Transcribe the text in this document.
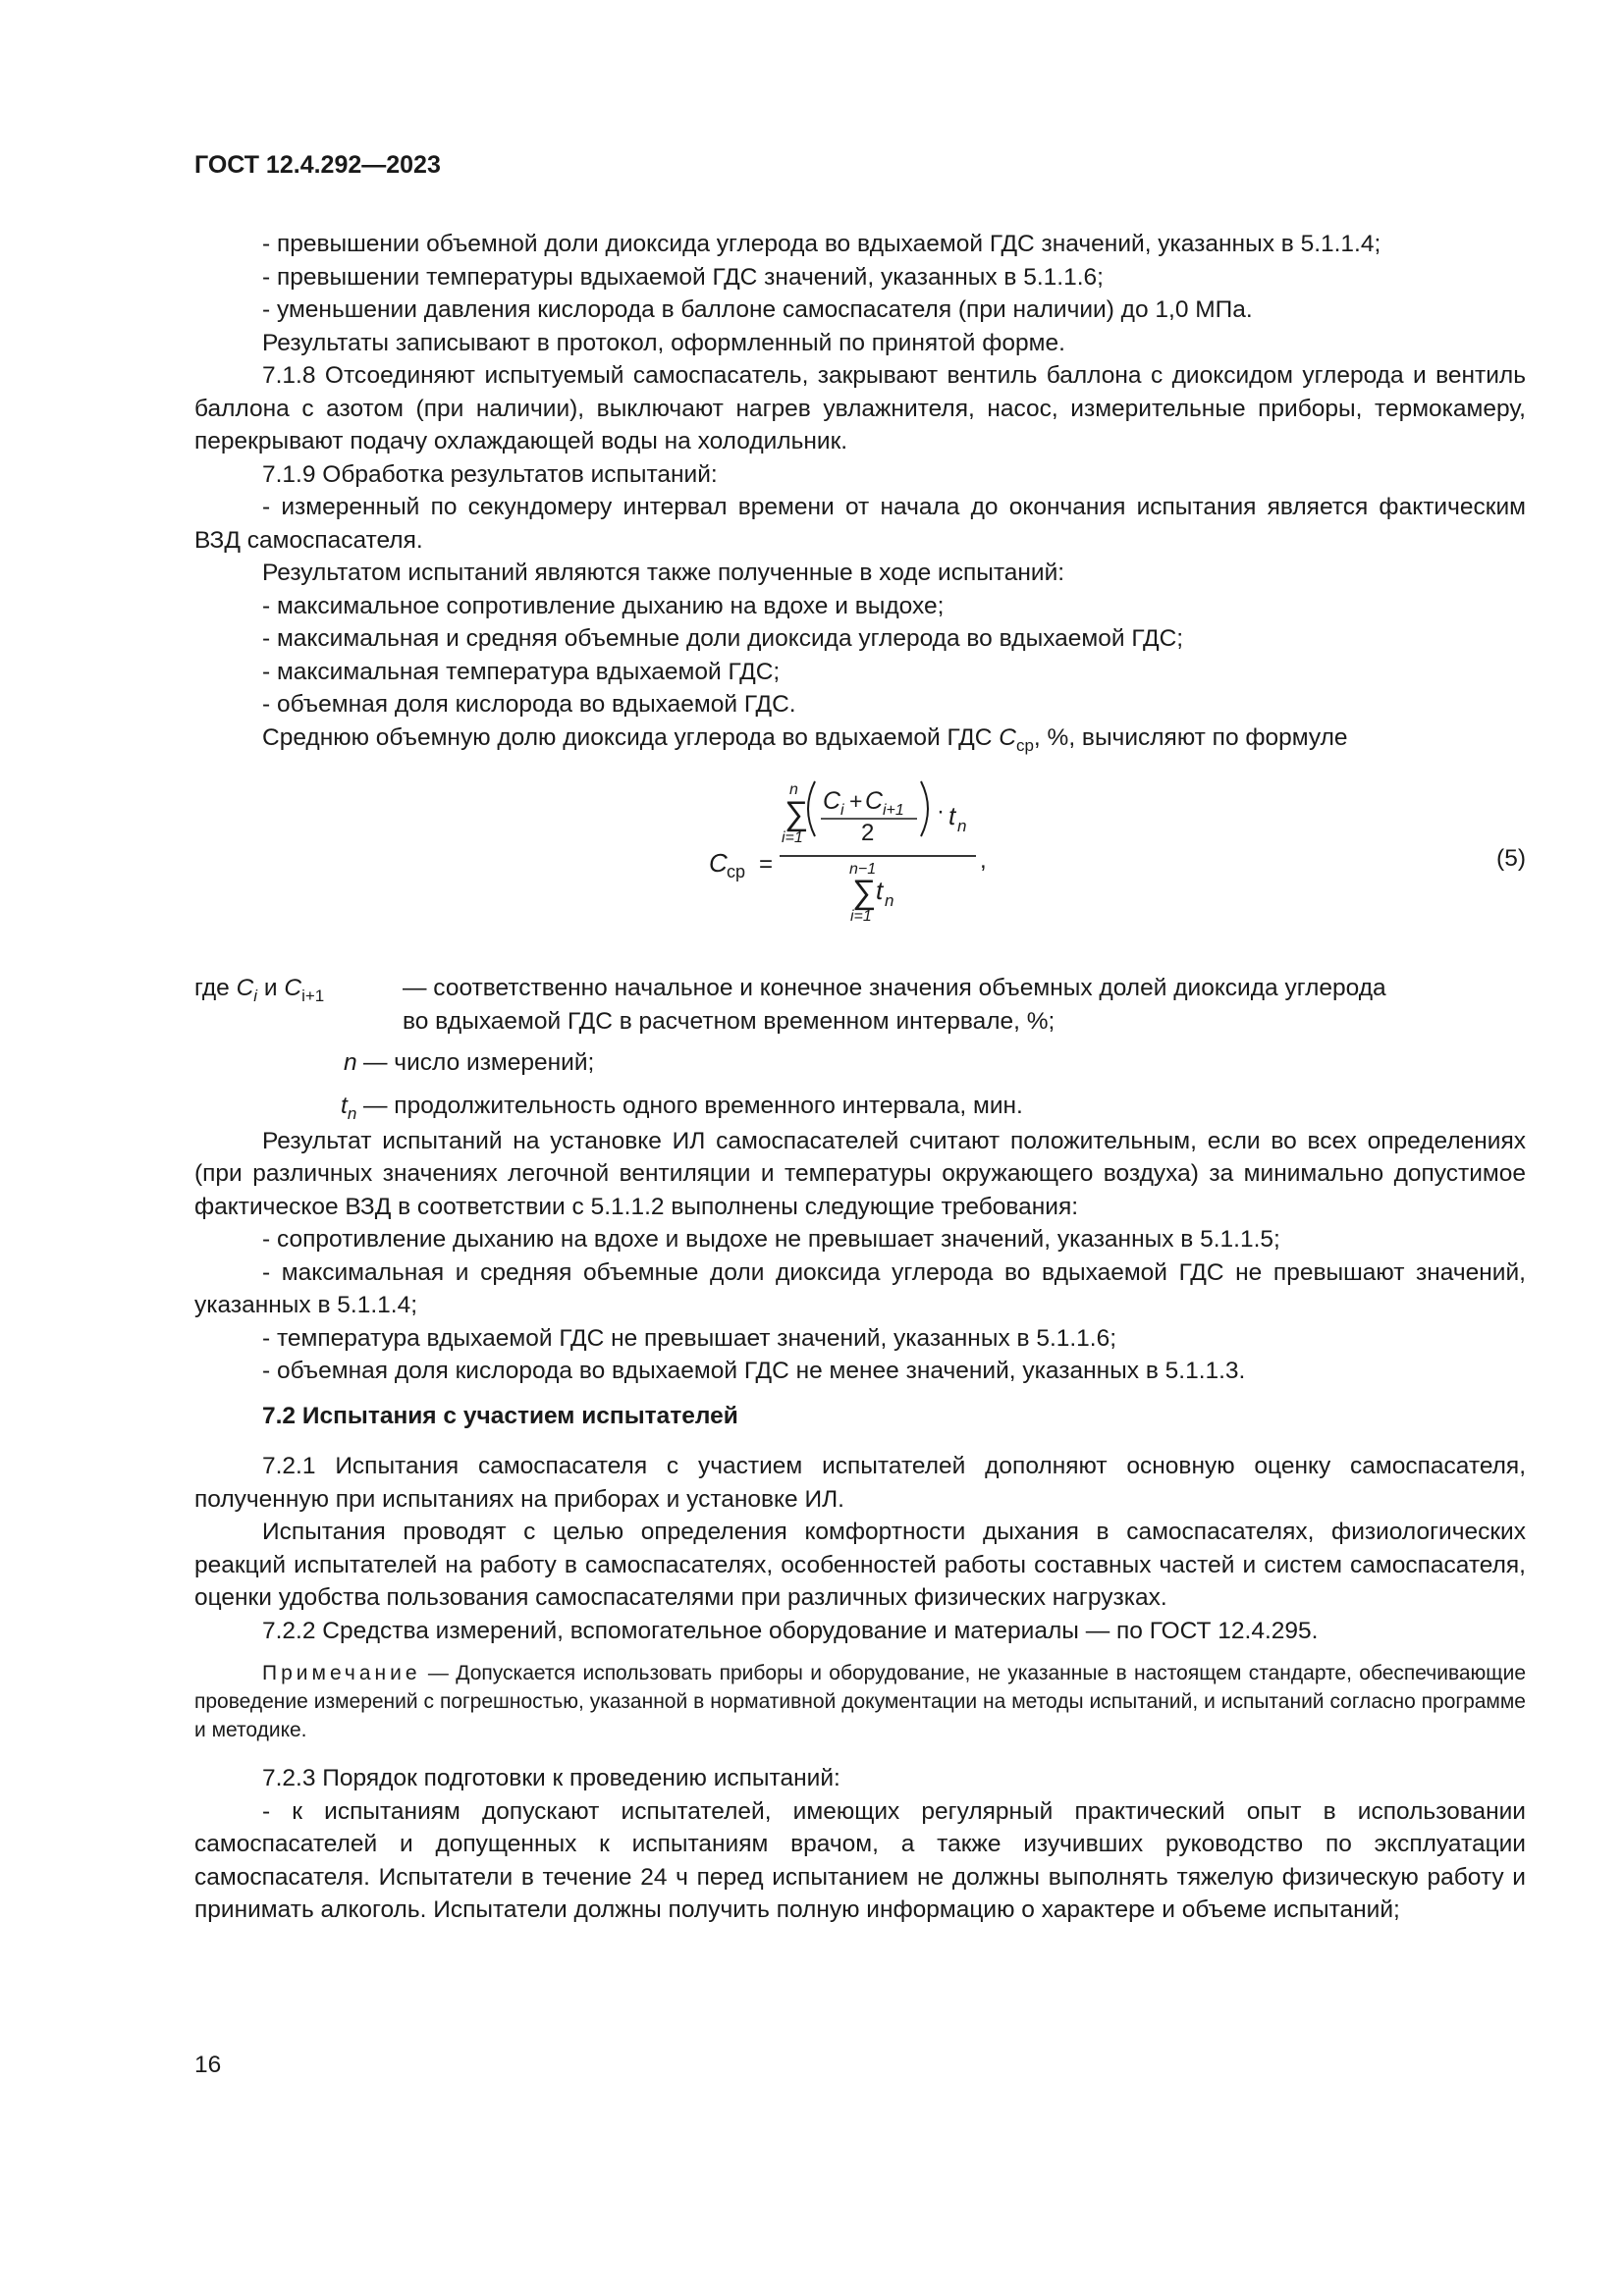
ГОСТ 12.4.292—2023

- превышении объемной доли диоксида углерода во вдыхаемой ГДС значений, указанных в 5.1.1.4;

- превышении температуры вдыхаемой ГДС значений, указанных в 5.1.1.6;

- уменьшении давления кислорода в баллоне самоспасателя (при наличии) до 1,0 МПа.

Результаты записывают в протокол, оформленный по принятой форме.

7.1.8 Отсоединяют испытуемый самоспасатель, закрывают вентиль баллона с диоксидом углерода и вентиль баллона с азотом (при наличии), выключают нагрев увлажнителя, насос, измерительные приборы, термокамеру, перекрывают подачу охлаждающей воды на холодильник.

7.1.9 Обработка результатов испытаний:

- измеренный по секундомеру интервал времени от начала до окончания испытания является фактическим ВЗД самоспасателя.

Результатом испытаний являются также полученные в ходе испытаний:

- максимальное сопротивление дыханию на вдохе и выдохе;

- максимальная и средняя объемные доли диоксида углерода во вдыхаемой ГДС;

- максимальная температура вдыхаемой ГДС;

- объемная доля кислорода во вдыхаемой ГДС.

Среднюю объемную долю диоксида углерода во вдыхаемой ГДС $C_{ср}$, %, вычисляют по формуле

C ср =
n
∑
i=1
C i + C i+1
2
· t n
,
n−1
∑
i=1
t n
(5)
где $C_i$ и $C_{i+1}$	— соответственно начальное и конечное значения объемных долей диоксида углерода

во вдыхаемой ГДС в расчетном временном интервале, %;

n — число измерений;
$t_n$ — продолжительность одного временного интервала, мин.

Результат испытаний на установке ИЛ самоспасателей считают положительным, если во всех определениях (при различных значениях легочной вентиляции и температуры окружающего воздуха) за минимально допустимое фактическое ВЗД в соответствии с 5.1.1.2 выполнены следующие требования:

- сопротивление дыханию на вдохе и выдохе не превышает значений, указанных в 5.1.1.5;

- максимальная и средняя объемные доли диоксида углерода во вдыхаемой ГДС не превышают значений, указанных в 5.1.1.4;

- температура вдыхаемой ГДС не превышает значений, указанных в 5.1.1.6;

- объемная доля кислорода во вдыхаемой ГДС не менее значений, указанных в 5.1.1.3.

7.2 Испытания с участием испытателей

7.2.1 Испытания самоспасателя с участием испытателей дополняют основную оценку самоспасателя, полученную при испытаниях на приборах и установке ИЛ.

Испытания проводят с целью определения комфортности дыхания в самоспасателях, физиологических реакций испытателей на работу в самоспасателях, особенностей работы составных частей и систем самоспасателя, оценки удобства пользования самоспасателями при различных физических нагрузках.

7.2.2 Средства измерений, вспомогательное оборудование и материалы — по ГОСТ 12.4.295.

Примечание — Допускается использовать приборы и оборудование, не указанные в настоящем стандарте, обеспечивающие проведение измерений с погрешностью, указанной в нормативной документации на методы испытаний, и испытаний согласно программе и методике.

7.2.3 Порядок подготовки к проведению испытаний:

- к испытаниям допускают испытателей, имеющих регулярный практический опыт в использовании самоспасателей и допущенных к испытаниям врачом, а также изучивших руководство по эксплуатации самоспасателя. Испытатели в течение 24 ч перед испытанием не должны выполнять тяжелую физическую работу и принимать алкоголь. Испытатели должны получить полную информацию о характере и объеме испытаний;

16
